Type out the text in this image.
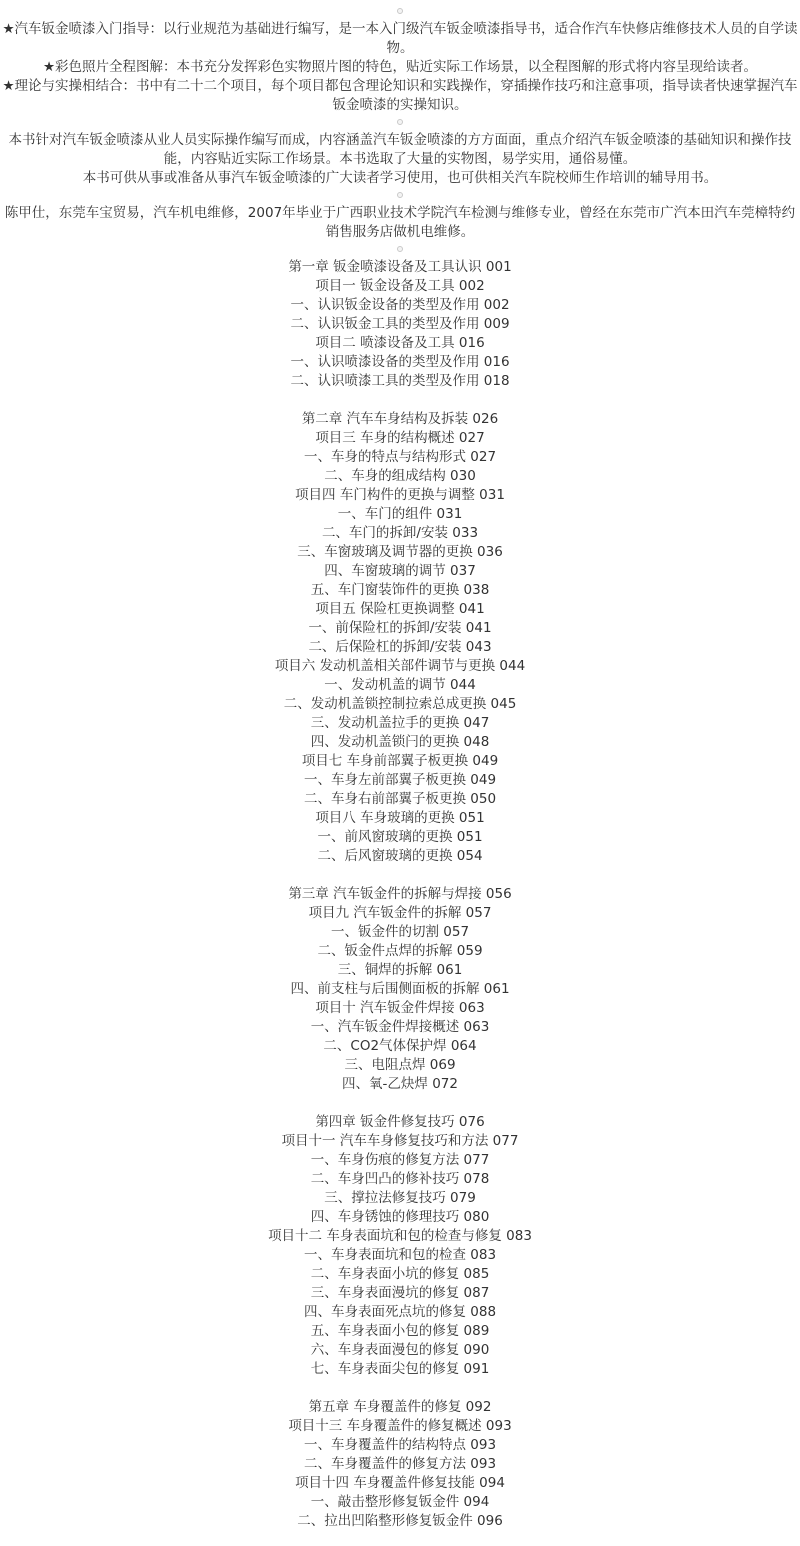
★汽车钣金喷漆入门指导：以行业规范为基础进行编写，是一本入门级汽车钣金喷漆指导书，适合作汽车快修店维修技术人员的自学读物。
★彩色照片全程图解：本书充分发挥彩色实物照片图的特色，贴近实际工作场景，以全程图解的形式将内容呈现给读者。
★理论与实操相结合：书中有二十二个项目，每个项目都包含理论知识和实践操作，穿插操作技巧和注意事项，指导读者快速掌握汽车钣金喷漆的实操知识。
本书针对汽车钣金喷漆从业人员实际操作编写而成，内容涵盖汽车钣金喷漆的方方面面，重点介绍汽车钣金喷漆的基础知识和操作技能，内容贴近实际工作场景。本书选取了大量的实物图，易学实用，通俗易懂。
本书可供从事或准备从事汽车钣金喷漆的广大读者学习使用，也可供相关汽车院校师生作培训的辅导用书。
陈甲仕，东莞车宝贸易，汽车机电维修，2007年毕业于广西职业技术学院汽车检测与维修专业，曾经在东莞市广汽本田汽车莞樟特约销售服务店做机电维修。
第一章 钣金喷漆设备及工具认识 001
项目一 钣金设备及工具 002
一、认识钣金设备的类型及作用 002
二、认识钣金工具的类型及作用 009
项目二 喷漆设备及工具 016
一、认识喷漆设备的类型及作用 016
二、认识喷漆工具的类型及作用 018
第二章 汽车车身结构及拆装 026
项目三 车身的结构概述 027
一、车身的特点与结构形式 027
二、车身的组成结构 030
项目四 车门构件的更换与调整 031
一、车门的组件 031
二、车门的拆卸/安装 033
三、车窗玻璃及调节器的更换 036
四、车窗玻璃的调节 037
五、车门窗装饰件的更换 038
项目五 保险杠更换调整 041
一、前保险杠的拆卸/安装 041
二、后保险杠的拆卸/安装 043
项目六 发动机盖相关部件调节与更换 044
一、发动机盖的调节 044
二、发动机盖锁控制拉索总成更换 045
三、发动机盖拉手的更换 047
四、发动机盖锁闩的更换 048
项目七 车身前部翼子板更换 049
一、车身左前部翼子板更换 049
二、车身右前部翼子板更换 050
项目八 车身玻璃的更换 051
一、前风窗玻璃的更换 051
二、后风窗玻璃的更换 054
第三章 汽车钣金件的拆解与焊接 056
项目九 汽车钣金件的拆解 057
一、钣金件的切割 057
二、钣金件点焊的拆解 059
三、铜焊的拆解 061
四、前支柱与后围侧面板的拆解 061
项目十 汽车钣金件焊接 063
一、汽车钣金件焊接概述 063
二、CO2气体保护焊 064
三、电阻点焊 069
四、氧-乙炔焊 072
第四章 钣金件修复技巧 076
项目十一 汽车车身修复技巧和方法 077
一、车身伤痕的修复方法 077
二、车身凹凸的修补技巧 078
三、撑拉法修复技巧 079
四、车身锈蚀的修理技巧 080
项目十二 车身表面坑和包的检查与修复 083
一、车身表面坑和包的检查 083
二、车身表面小坑的修复 085
三、车身表面漫坑的修复 087
四、车身表面死点坑的修复 088
五、车身表面小包的修复 089
六、车身表面漫包的修复 090
七、车身表面尖包的修复 091
第五章 车身覆盖件的修复 092
项目十三 车身覆盖件的修复概述 093
一、车身覆盖件的结构特点 093
二、车身覆盖件的修复方法 093
项目十四 车身覆盖件修复技能 094
一、敲击整形修复钣金件 094
二、拉出凹陷整形修复钣金件 096
